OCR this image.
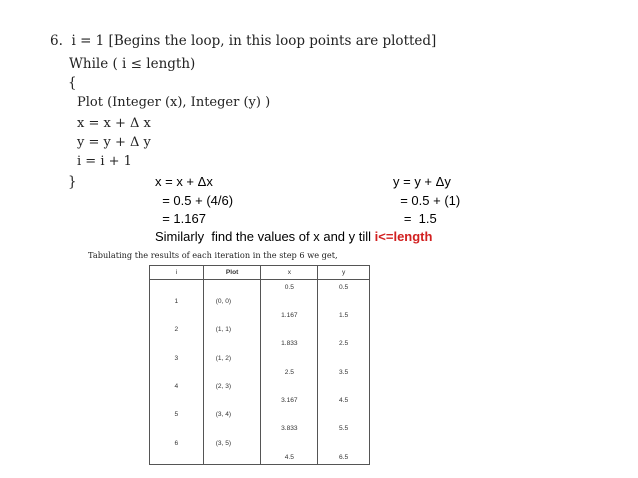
6.  i = 1 [Begins the loop, in this loop points are plotted]
While ( i ≤ length)
{
Plot (Integer (x), Integer (y) )
x = x + Δ x
y = y + Δ y
i = i + 1
}	x = x + Δx
= 0.5 + (4/6)
= 1.167
y = y + Δy
= 0.5 + (1)
=  1.5
Similarly  find the values of x and y till i<=length
Tabulating the results of each iteration in the step 6 we get,
i	Plot	x	y
		0.5	0.5
1	(0, 0)		
		1.167	1.5
2	(1, 1)		
		1.833	2.5
3	(1, 2)		
		2.5	3.5
4	(2, 3)		
		3.167	4.5
5	(3, 4)		
		3.833	5.5
6	(3, 5)		
		4.5	6.5
